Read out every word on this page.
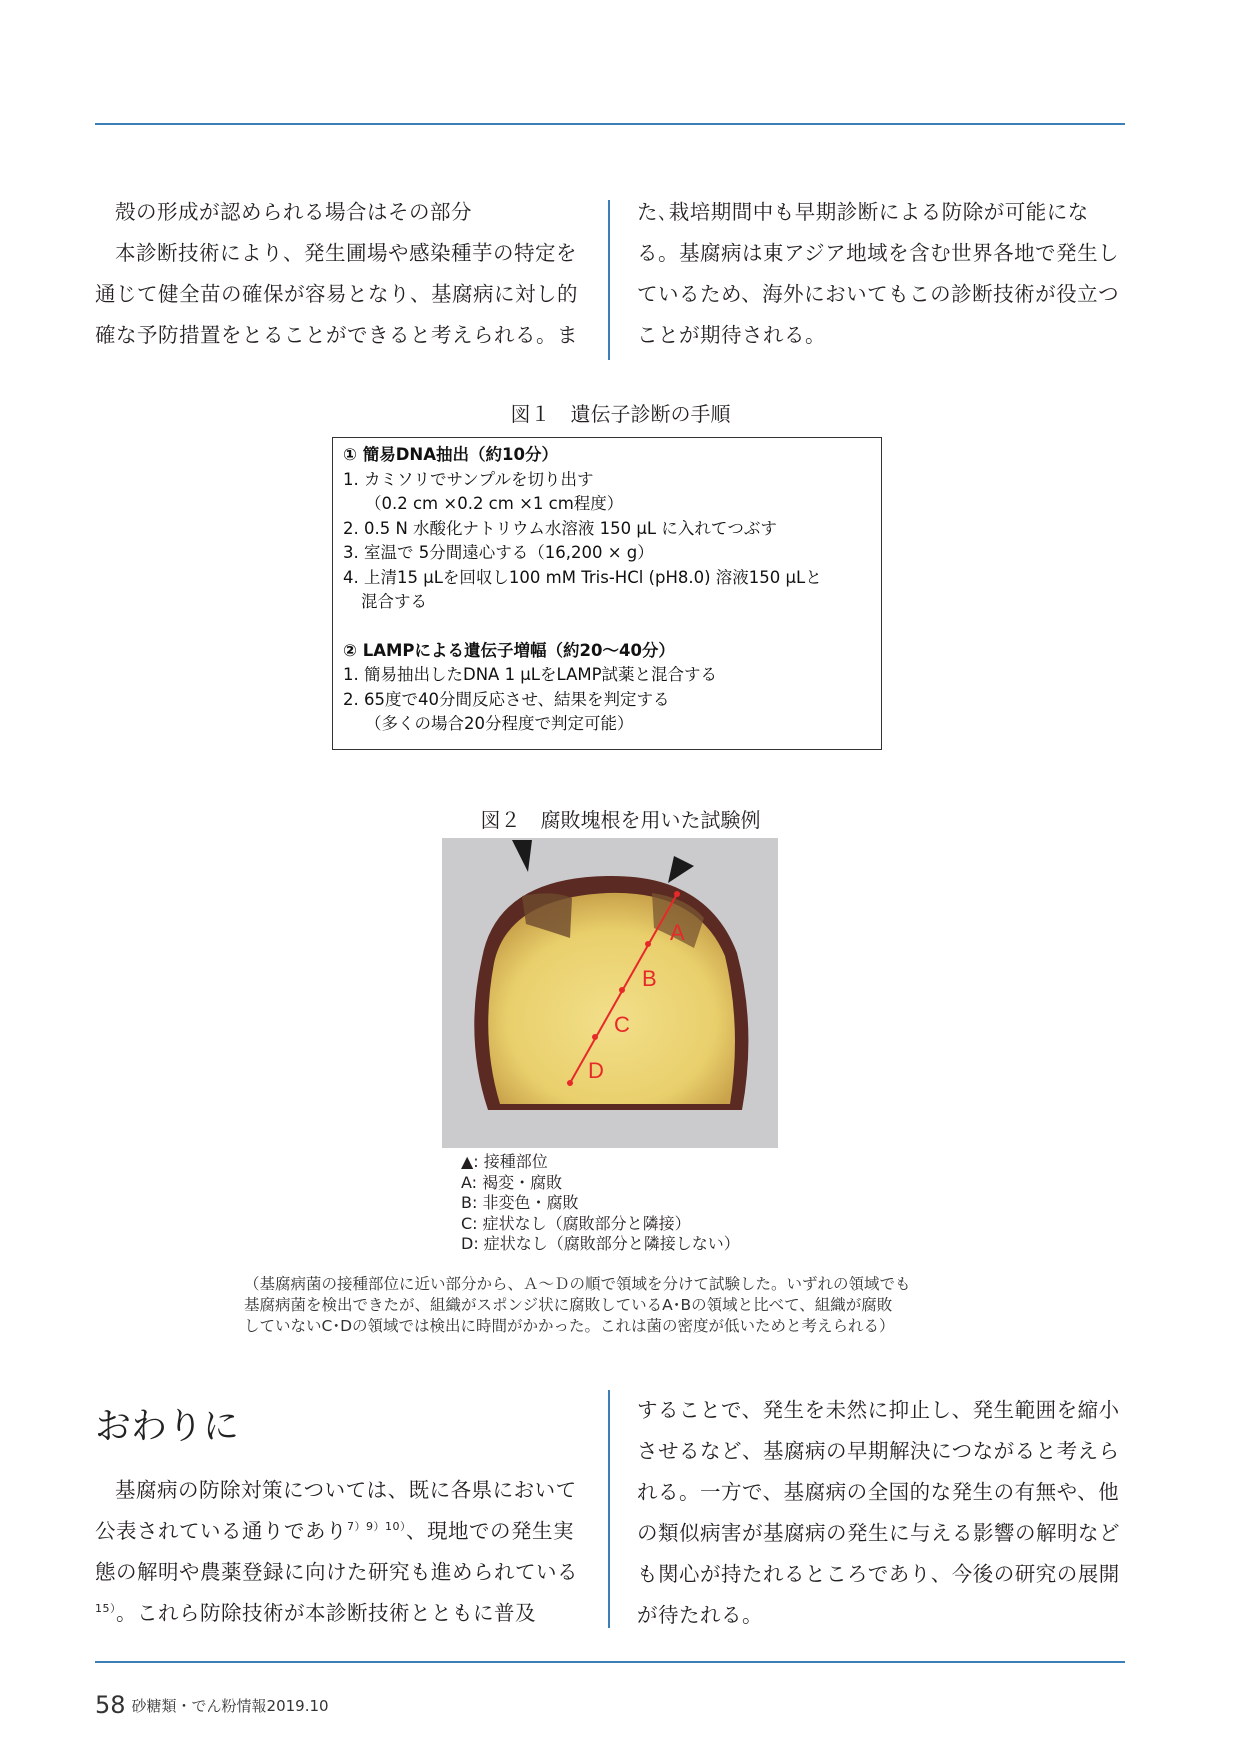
殻の形成が認められる場合はその部分

本診断技術により、発生圃場や感染種芋の特定を通じて健全苗の確保が容易となり、基腐病に対し的確な予防措置をとることができると考えられる。ま

た､栽培期間中も早期診断による防除が可能になる。基腐病は東アジア地域を含む世界各地で発生しているため、海外においてもこの診断技術が役立つことが期待される。

図１　遺伝子診断の手順
① 簡易DNA抽出（約10分）
1. カミソリでサンプルを切り出す
（0.2 cm ×0.2 cm ×1 cm程度）
2. 0.5 N 水酸化ナトリウム水溶液 150 µL に入れてつぶす
3. 室温で 5分間遠心する（16,200 × g）
4. 上清15 µLを回収し100 mM Tris-HCl (pH8.0) 溶液150 µLと
混合する
② LAMPによる遺伝子増幅（約20～40分）
1. 簡易抽出したDNA 1 µLをLAMP試薬と混合する
2. 65度で40分間反応させ、結果を判定する
（多くの場合20分程度で判定可能）
図２　腐敗塊根を用いた試験例
A
B
C
D
▲: 接種部位
A: 褐変・腐敗
B: 非変色・腐敗
C: 症状なし（腐敗部分と隣接）
D: 症状なし（腐敗部分と隣接しない）
（基腐病菌の接種部位に近い部分から、Ａ～Ｄの順で領域を分けて試験した。いずれの領域でも
基腐病菌を検出できたが、組織がスポンジ状に腐敗しているA･Bの領域と比べて、組織が腐敗
していないC･Dの領域では検出に時間がかかった。これは菌の密度が低いためと考えられる）
おわりに

基腐病の防除対策については、既に各県において公表されている通りであり$^{7)9)10)}$、現地での発生実態の解明や農薬登録に向けた研究も進められている$^{15)}$。これら防除技術が本診断技術とともに普及

することで、発生を未然に抑止し、発生範囲を縮小させるなど、基腐病の早期解決につながると考えられる。一方で、基腐病の全国的な発生の有無や、他の類似病害が基腐病の発生に与える影響の解明なども関心が持たれるところであり、今後の研究の展開が待たれる。

58 砂糖類・でん粉情報2019.10
